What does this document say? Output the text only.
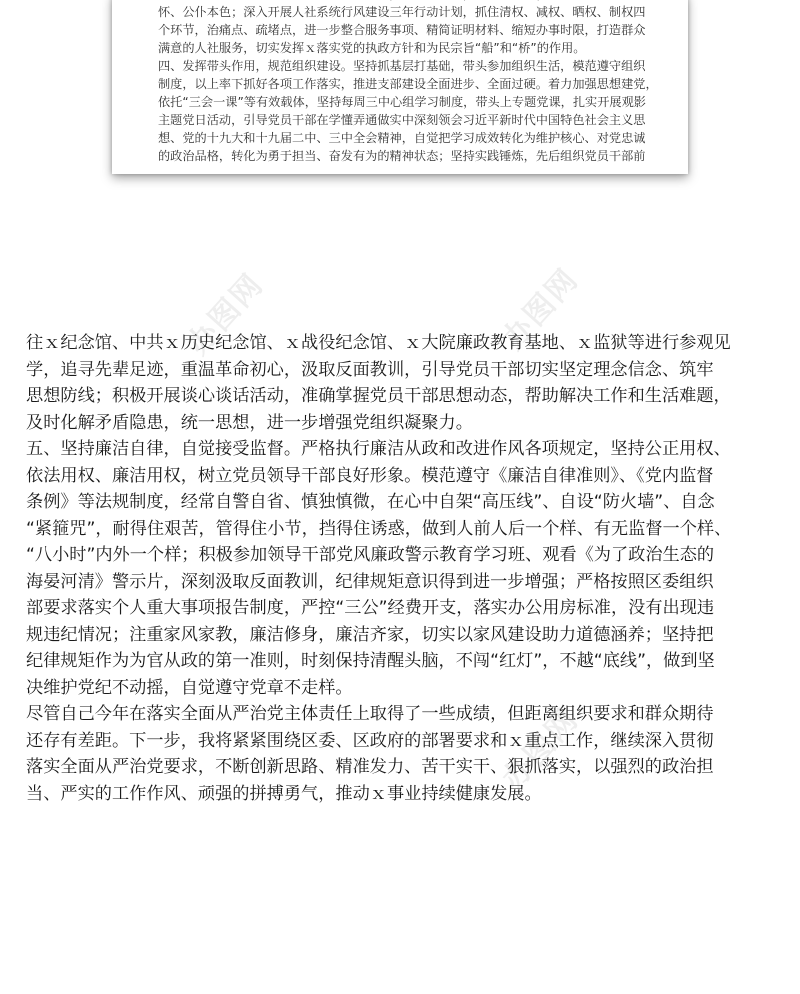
怀、公仆本色；深入开展人社系统行风建设三年行动计划，抓住清权、减权、晒权、制权四
个环节，治痛点、疏堵点，进一步整合服务事项、精简证明材料、缩短办事时限，打造群众
满意的人社服务，切实发挥ｘ落实党的执政方针和为民宗旨“船”和“桥”的作用。
四、发挥带头作用，规范组织建设。坚持抓基层打基础，带头参加组织生活，模范遵守组织
制度，以上率下抓好各项工作落实，推进支部建设全面进步、全面过硬。着力加强思想建党，
依托“三会一课”等有效载体，坚持每周三中心组学习制度，带头上专题党课，扎实开展观影
主题党日活动，引导党员干部在学懂弄通做实中深刻领会习近平新时代中国特色社会主义思
想、党的十九大和十九届二中、三中全会精神，自觉把学习成效转化为维护核心、对党忠诚
的政治品格，转化为勇于担当、奋发有为的精神状态；坚持实践锤炼，先后组织党员干部前
办图网	办图网
办图网
往ｘ纪念馆、中共ｘ历史纪念馆、ｘ战役纪念馆、ｘ大院廉政教育基地、ｘ监狱等进行参观见
学，追寻先辈足迹，重温革命初心，汲取反面教训，引导党员干部切实坚定理念信念、筑牢
思想防线；积极开展谈心谈话活动，准确掌握党员干部思想动态，帮助解决工作和生活难题，
及时化解矛盾隐患，统一思想，进一步增强党组织凝聚力。
五、坚持廉洁自律，自觉接受监督。严格执行廉洁从政和改进作风各项规定，坚持公正用权、
依法用权、廉洁用权，树立党员领导干部良好形象。模范遵守《廉洁自律准则》、《党内监督
条例》等法规制度，经常自警自省、慎独慎微，在心中自架“高压线”、自设“防火墙”、自念
“紧箍咒”，耐得住艰苦，管得住小节，挡得住诱惑，做到人前人后一个样、有无监督一个样、
“八小时”内外一个样；积极参加领导干部党风廉政警示教育学习班、观看《为了政治生态的
海晏河清》警示片，深刻汲取反面教训，纪律规矩意识得到进一步增强；严格按照区委组织
部要求落实个人重大事项报告制度，严控“三公”经费开支，落实办公用房标准，没有出现违
规违纪情况；注重家风家教，廉洁修身，廉洁齐家，切实以家风建设助力道德涵养；坚持把
纪律规矩作为为官从政的第一准则，时刻保持清醒头脑，不闯“红灯”，不越“底线”，做到坚
决维护党纪不动摇，自觉遵守党章不走样。
尽管自己今年在落实全面从严治党主体责任上取得了一些成绩，但距离组织要求和群众期待
还存有差距。下一步，我将紧紧围绕区委、区政府的部署要求和ｘ重点工作，继续深入贯彻
落实全面从严治党要求，不断创新思路、精准发力、苦干实干、狠抓落实，以强烈的政治担
当、严实的工作作风、顽强的拼搏勇气，推动ｘ事业持续健康发展。
